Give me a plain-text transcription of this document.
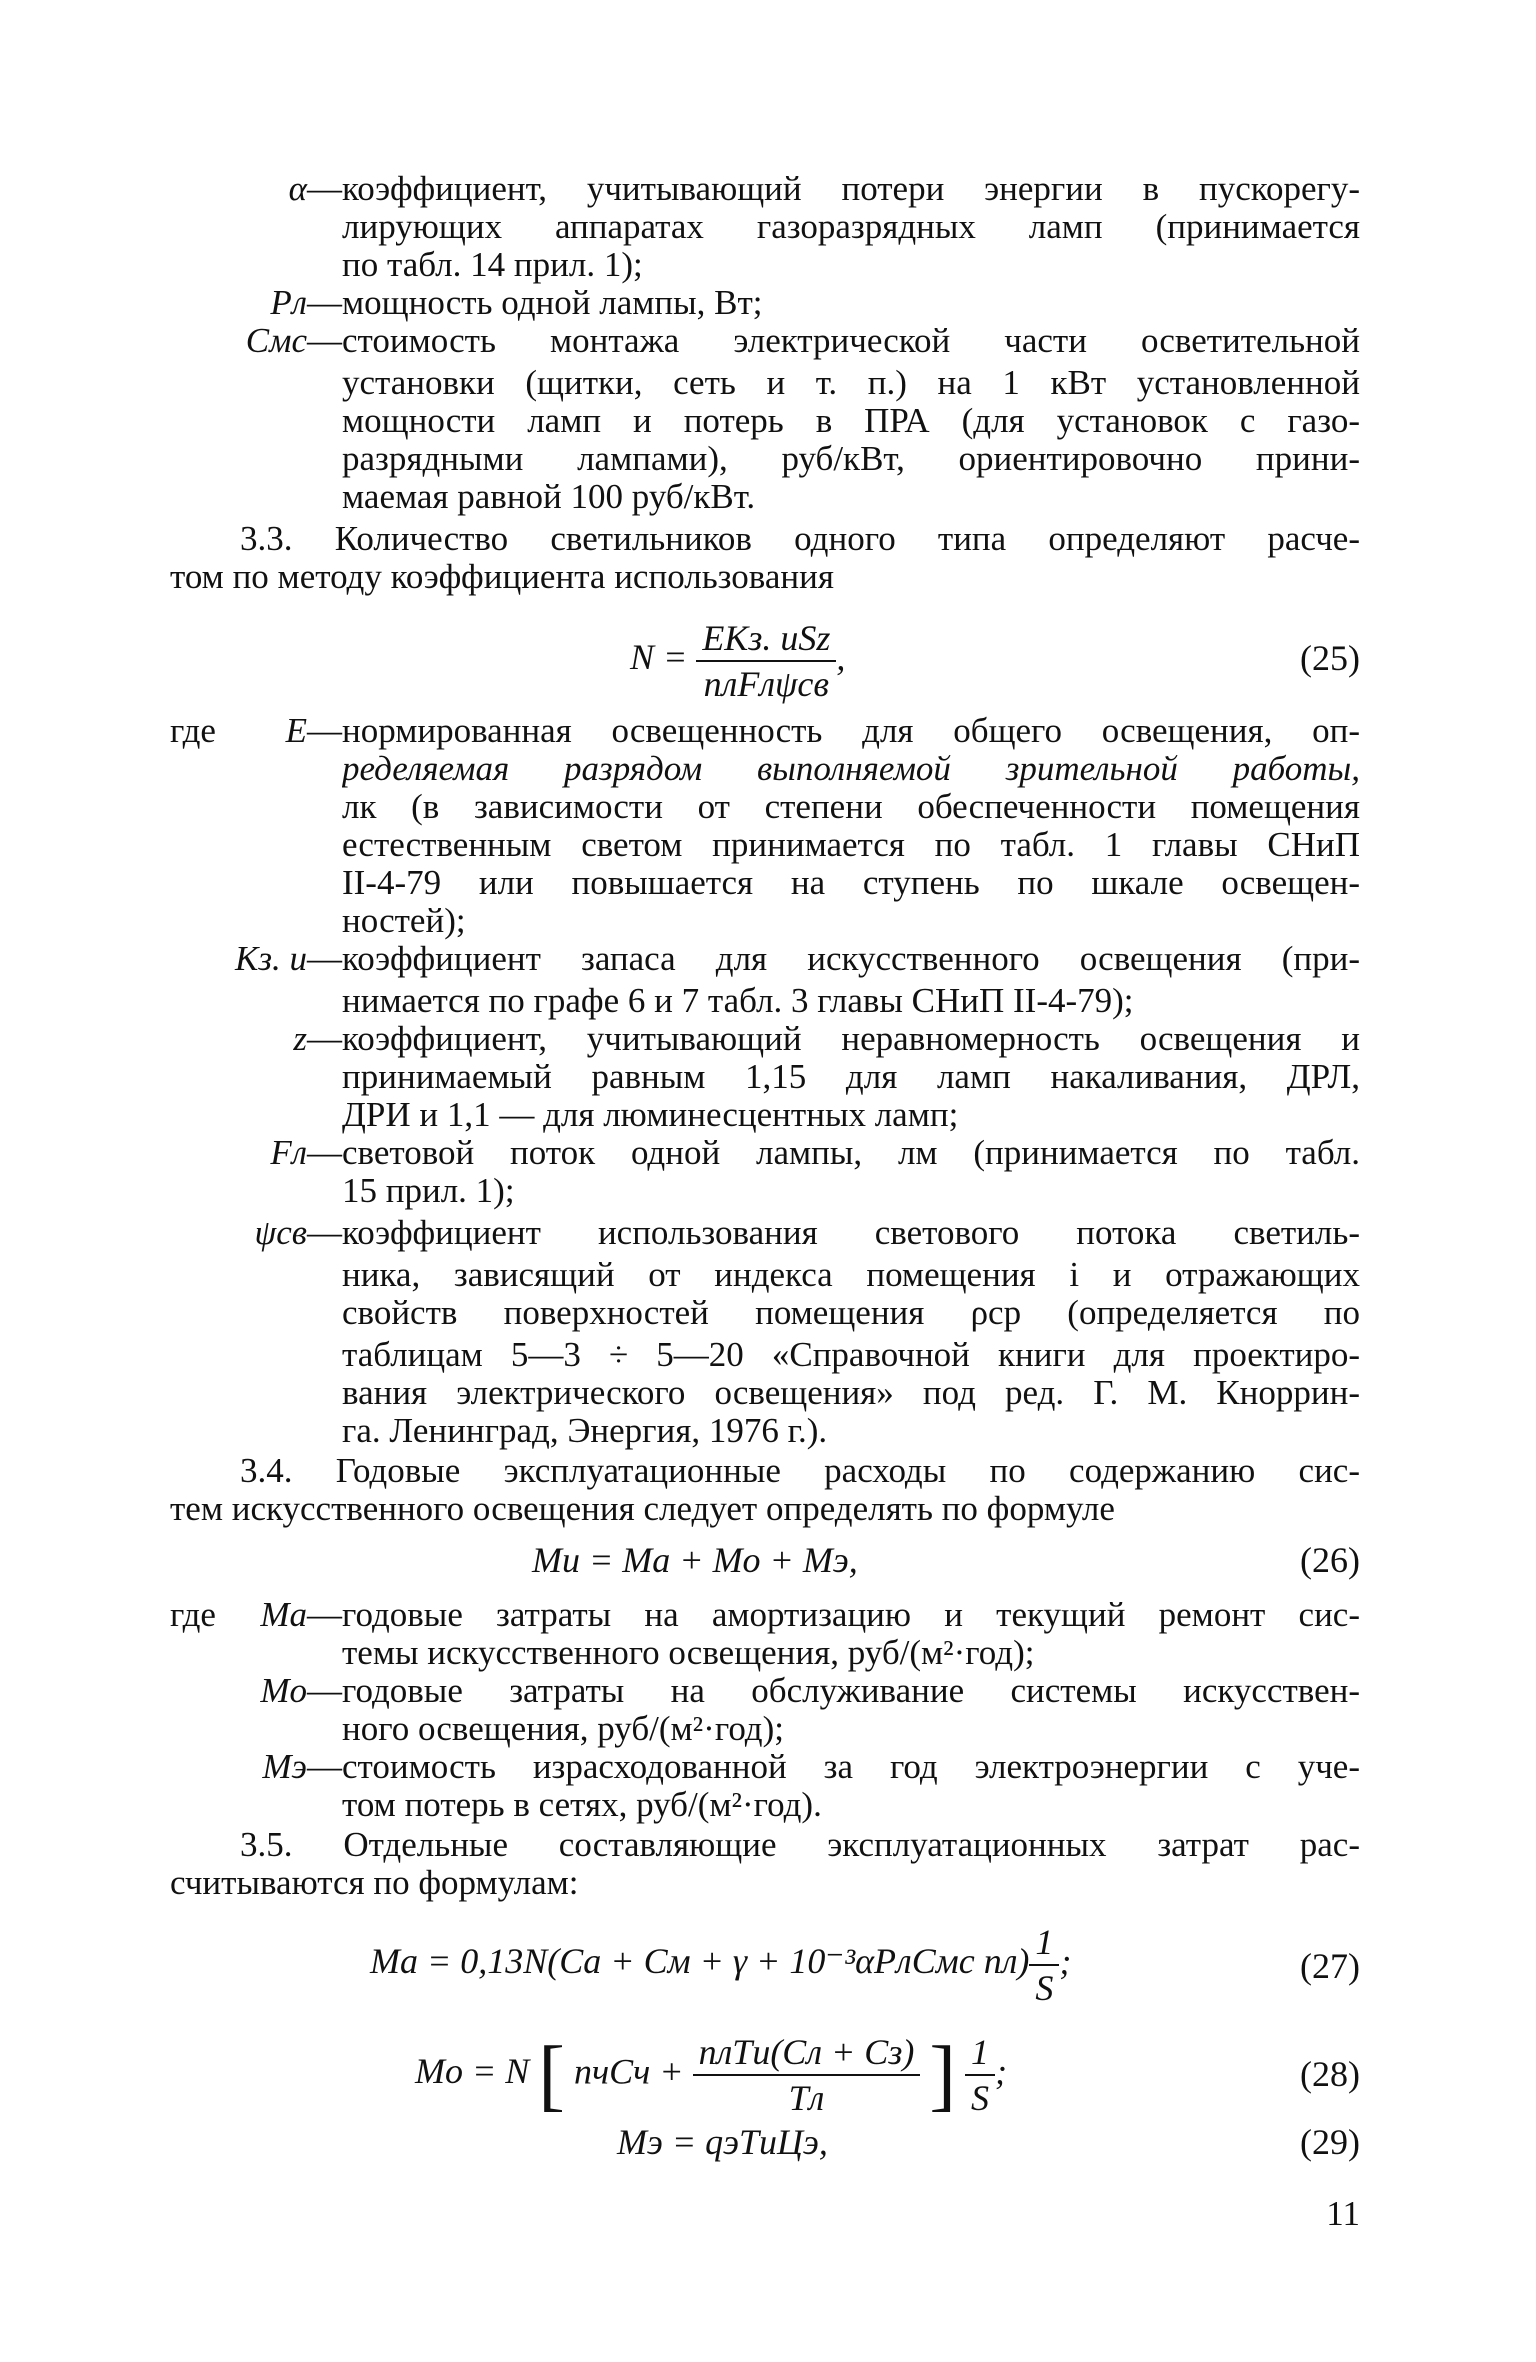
α— коэффициент, учитывающий потери энергии в пускорегу-
лирующих аппаратах газоразрядных ламп (принимается
по табл. 14 прил. 1);
Pл— мощность одной лампы, Вт;
Cмс— стоимость монтажа электрической части осветительной
установки (щитки, сеть и т. п.) на 1 кВт установленной
мощности ламп и потерь в ПРА (для установок с газо-
разрядными лампами), руб/кВт, ориентировочно прини-
маемая равной 100 руб/кВт.
3.3. Количество светильников одного типа определяют расче-
том по методу коэффициента использования
$N = \frac{\text{EKз. иSz}}{\text{nлFлψсв}}$ ,	(25)
где	E— нормированная освещенность для общего освещения, оп-
ределяемая разрядом выполняемой зрительной работы,
лк (в зависимости от степени обеспеченности помещения
естественным светом принимается по табл. 1 главы СНиП
II-4-79 или повышается на ступень по шкале освещен-
ностей);
Kз. и— коэффициент запаса для искусственного освещения (при-
нимается по графе 6 и 7 табл. 3 главы СНиП II-4-79);
z— коэффициент, учитывающий неравномерность освещения и
принимаемый равным 1,15 для ламп накаливания, ДРЛ,
ДРИ и 1,1 — для люминесцентных ламп;
Fл— световой поток одной лампы, лм (принимается по табл.
15 прил. 1);
ψсв— коэффициент использования светового потока светиль-
ника, зависящий от индекса помещения i и отражающих
свойств поверхностей помещения ρср (определяется по
таблицам 5—3 ÷ 5—20 «Справочной книги для проектиро-
вания электрического освещения» под ред. Г. М. Кноррин-
га. Ленинград, Энергия, 1976 г.).
3.4. Годовые эксплуатационные расходы по содержанию сис-
тем искусственного освещения следует определять по формуле
Mи = Mа + Mо + Mэ,	(26)
где	Mа— годовые затраты на амортизацию и текущий ремонт сис-
темы искусственного освещения, руб/(м²·год);
Mо— годовые затраты на обслуживание системы искусствен-
ного освещения, руб/(м²·год);
Mэ— стоимость израсходованной за год электроэнергии с уче-
том потерь в сетях, руб/(м²·год).
3.5. Отдельные составляющие эксплуатационных затрат рас-
считываются по формулам:
Mа = 0,13N(Cа + Cм + γ + 10⁻³αPлCмс $nл) \frac{1}{S}$ ;	(27)
Mо = N [ nчCч + $\frac{\text{nлTи(Cл + Cз)}}{Tл}$ ] $\frac{1}{S}$ ;	(28)
Mэ = qэTиЦэ,	(29)
11
